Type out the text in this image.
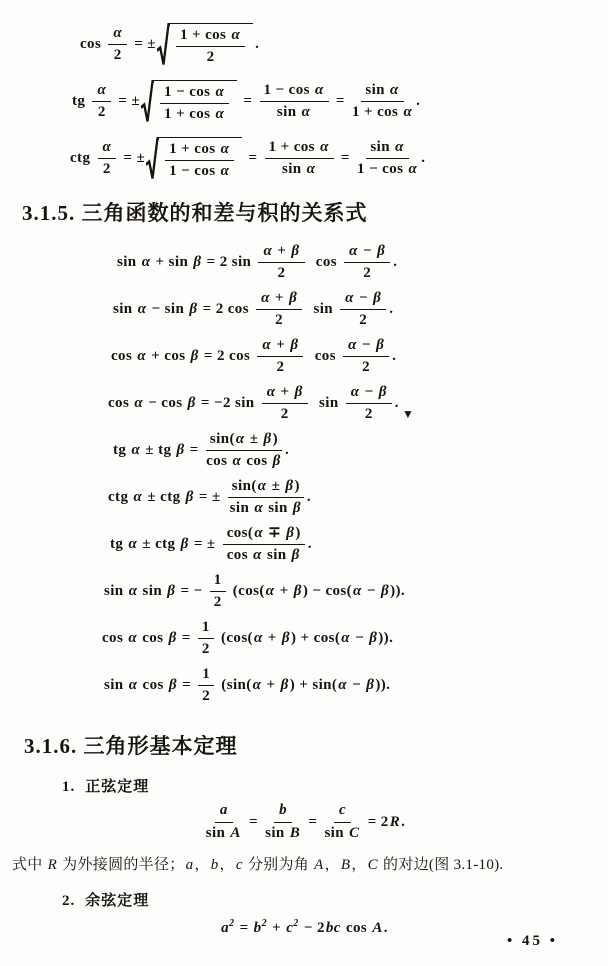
$\cos \frac{\alpha}{2}$ = ± $\frac{\text{1 + cos α}}{2}$ .
tg $\frac{\alpha}{2}$ = ± $\frac{\text{1 − cos α}}{\text{1 + cos α}} = \frac{\text{1 − cos α}}{\text{sin α}} = \frac{\text{sin α}}{\text{1 + cos α}}$ .
ctg $\frac{\alpha}{2}$ = ± $\frac{\text{1 + cos α}}{\text{1 − cos α}} = \frac{\text{1 + cos α}}{\text{sin α}} = \frac{\text{sin α}}{\text{1 − cos α}}$ .
3.1.5. 三角函数的和差与积的关系式
sin α + sin β = 2 $\sin \frac{\alpha + \beta}{2}$ $\cos \frac{\alpha - \beta}{2}$ .
sin α − sin β = 2 $\cos \frac{\alpha + \beta}{2}$ $\sin \frac{\alpha - \beta}{2}$ .
cos α + cos β = 2 $\cos \frac{\alpha + \beta}{2}$ $\cos \frac{\alpha - \beta}{2}$ .
cos α − cos β = −2 $\sin \frac{\alpha + \beta}{2}$ $\sin \frac{\alpha - \beta}{2}$ .
▼
tg α ± tg $\beta = \frac{\sin( \alpha \pm \beta )}{\text{cos α cos β}}$ .
ctg α ± ctg β = ± $\frac{\sin( \alpha \pm \beta )}{\text{sin α sin β}}$ .
tg α ± ctg β = ± $\frac{\cos( \alpha \mp \beta )}{\text{cos α sin β}}$ .
sin α sin β = − $\frac{1}{2} (\cos$( α + β ) − cos( α − β )).
cos α $\cos \beta = \frac{1}{2} (\cos$( α + β ) + cos( α − β )).
sin α $\cos \beta = \frac{1}{2} (\sin$( α + β ) + sin( α − β )).
3.1.6. 三角形基本定理
1. 正弦定理
$\frac{a}{\text{sin A}} = \frac{b}{\text{sin B}} = \frac{c}{\text{sin C}} = 2$ R .

式中 R 为外接圆的半径；a，b，c 分别为角 A，B，C 的对边(图 3.1-10).

2. 余弦定理
$a^2 = b^2 + c^2 - 2$ bc cos A .
• 45 •
